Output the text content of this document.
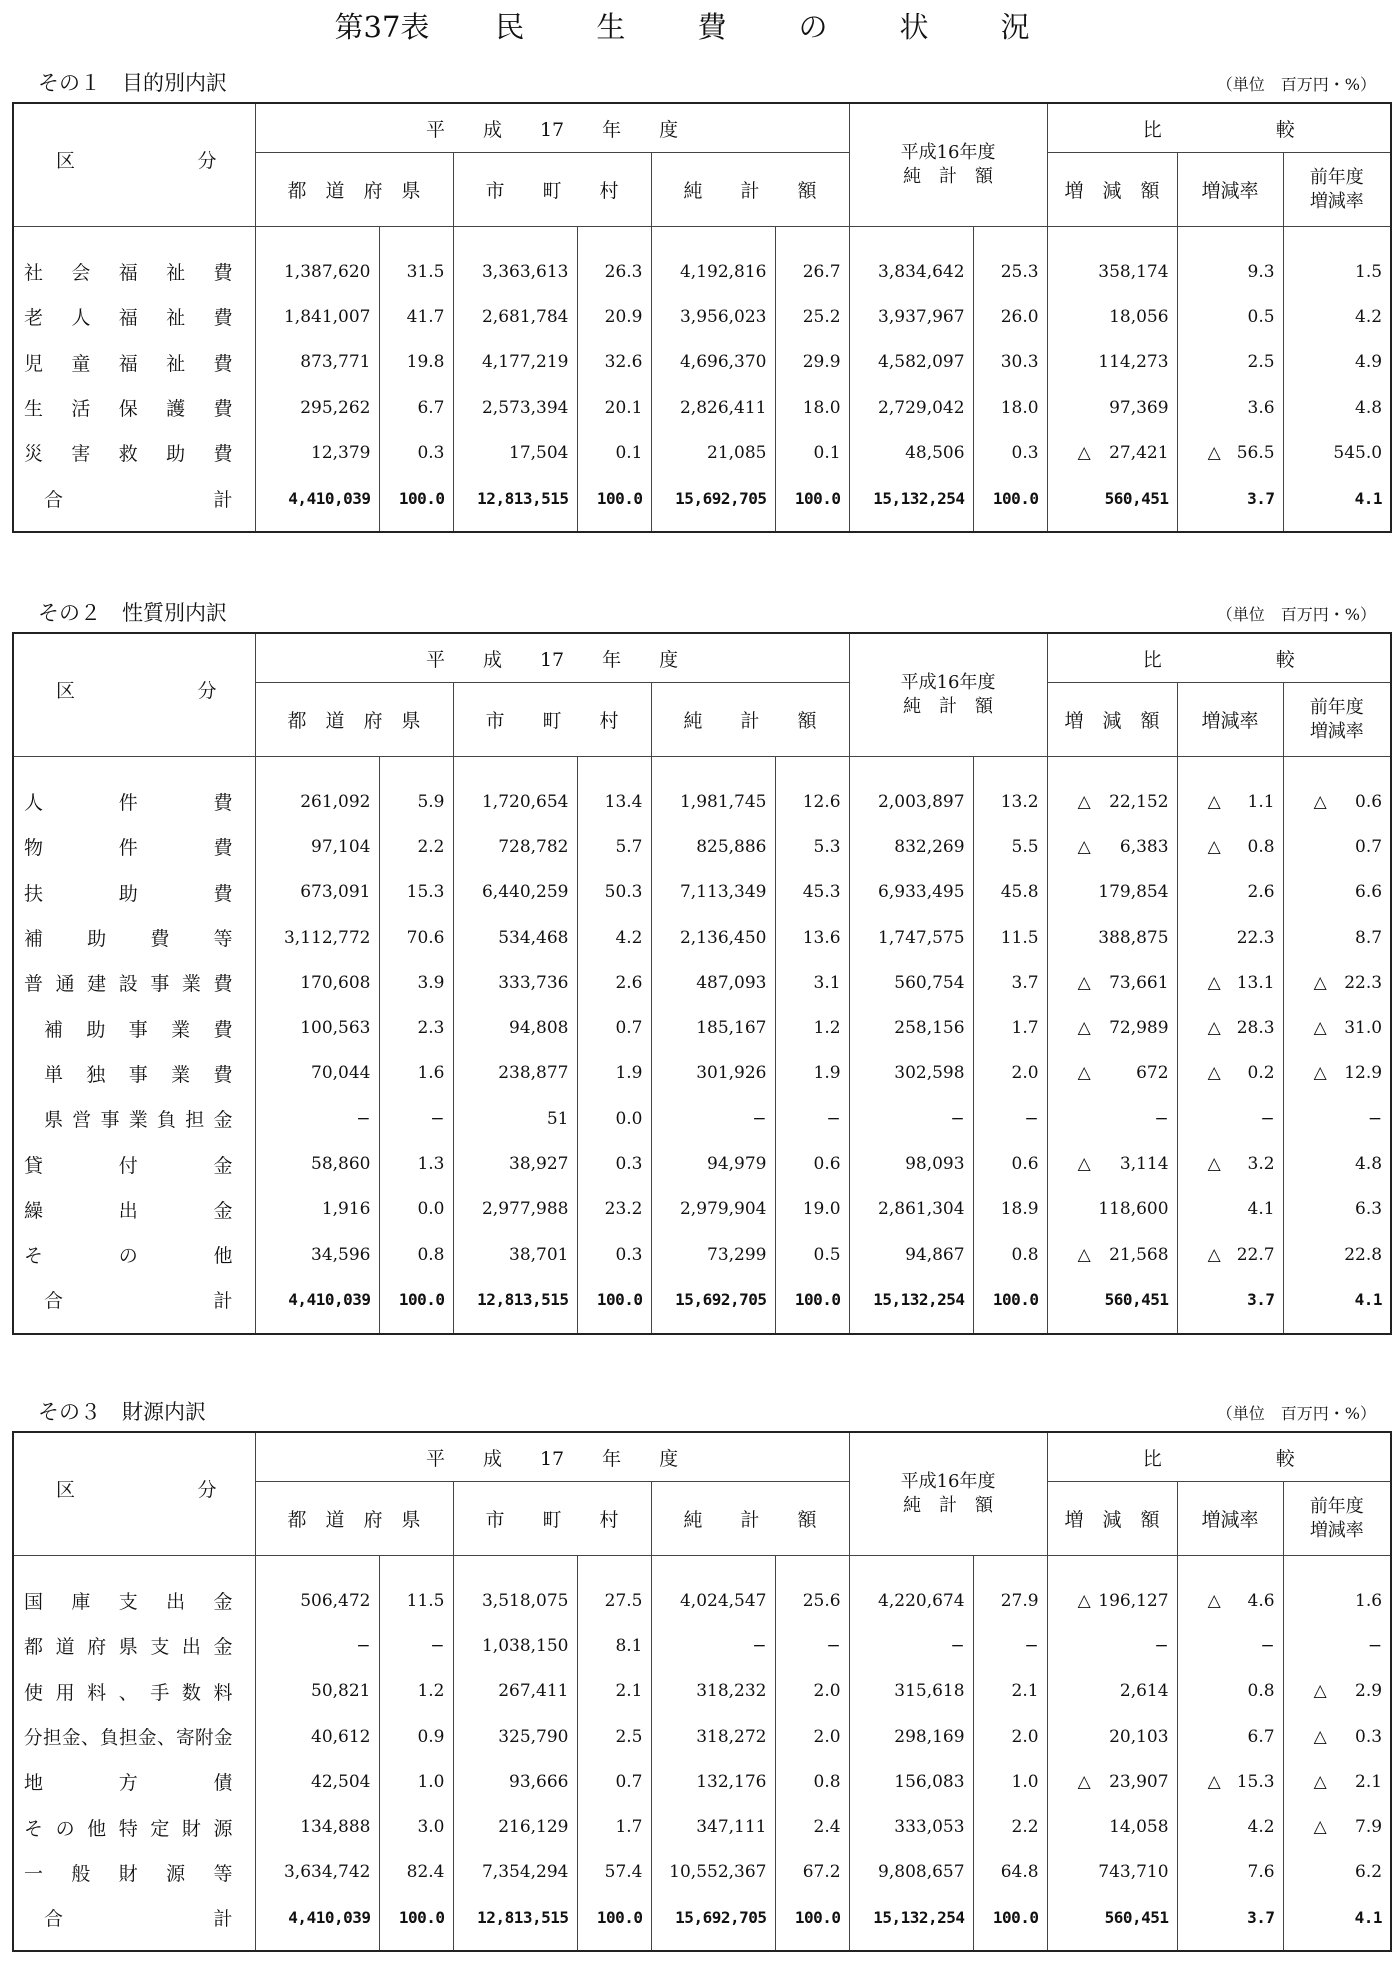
第37表 民 生 費 の 状 況
その１　目的別内訳	（単位　百万円・%）
区 分	平　　成　　17　　年　　度						平成16年度
純　計　額		比　　　　　　較		
	都　道　府　県		市　　町　　村		純　　計　　額				増　減　額	増減率	前年度
増減率
社会福祉費	1,387,620	31.5	3,363,613	26.3	4,192,816	26.7	3,834,642	25.3	358,174	9.3	1.5
老人福祉費	1,841,007	41.7	2,681,784	20.9	3,956,023	25.2	3,937,967	26.0	18,056	0.5	4.2
児童福祉費	873,771	19.8	4,177,219	32.6	4,696,370	29.9	4,582,097	30.3	114,273	2.5	4.9
生活保護費	295,262	6.7	2,573,394	20.1	2,826,411	18.0	2,729,042	18.0	97,369	3.6	4.8
災害救助費	12,379	0.3	17,504	0.1	21,085	0.1	48,506	0.3	△ 27,421	△ 56.5	545.0
合計	4,410,039	100.0	12,813,515	100.0	15,692,705	100.0	15,132,254	100.0	560,451	3.7	4.1
その２　性質別内訳	（単位　百万円・%）
区 分	平　　成　　17　　年　　度						平成16年度
純　計　額		比　　　　　　較		
	都　道　府　県		市　　町　　村		純　　計　　額				増　減　額	増減率	前年度
増減率
人件費	261,092	5.9	1,720,654	13.4	1,981,745	12.6	2,003,897	13.2	△ 22,152	△ 1.1	△ 0.6
物件費	97,104	2.2	728,782	5.7	825,886	5.3	832,269	5.5	△ 6,383	△ 0.8	0.7
扶助費	673,091	15.3	6,440,259	50.3	7,113,349	45.3	6,933,495	45.8	179,854	2.6	6.6
補助費等	3,112,772	70.6	534,468	4.2	2,136,450	13.6	1,747,575	11.5	388,875	22.3	8.7
普通建設事業費	170,608	3.9	333,736	2.6	487,093	3.1	560,754	3.7	△ 73,661	△ 13.1	△ 22.3
補助事業費	100,563	2.3	94,808	0.7	185,167	1.2	258,156	1.7	△ 72,989	△ 28.3	△ 31.0
単独事業費	70,044	1.6	238,877	1.9	301,926	1.9	302,598	2.0	△ 672	△ 0.2	△ 12.9
県営事業負担金	−	−	51	0.0	−	−	−	−	−	−	−
貸付金	58,860	1.3	38,927	0.3	94,979	0.6	98,093	0.6	△ 3,114	△ 3.2	4.8
繰出金	1,916	0.0	2,977,988	23.2	2,979,904	19.0	2,861,304	18.9	118,600	4.1	6.3
その他	34,596	0.8	38,701	0.3	73,299	0.5	94,867	0.8	△ 21,568	△ 22.7	22.8
合計	4,410,039	100.0	12,813,515	100.0	15,692,705	100.0	15,132,254	100.0	560,451	3.7	4.1
その３　財源内訳	（単位　百万円・%）
区 分	平　　成　　17　　年　　度						平成16年度
純　計　額		比　　　　　　較		
	都　道　府　県		市　　町　　村		純　　計　　額				増　減　額	増減率	前年度
増減率
国庫支出金	506,472	11.5	3,518,075	27.5	4,024,547	25.6	4,220,674	27.9	△ 196,127	△ 4.6	1.6
都道府県支出金	−	−	1,038,150	8.1	−	−	−	−	−	−	−
使用料、手数料	50,821	1.2	267,411	2.1	318,232	2.0	315,618	2.1	2,614	0.8	△ 2.9
分担金、負担金、寄附金	40,612	0.9	325,790	2.5	318,272	2.0	298,169	2.0	20,103	6.7	△ 0.3
地方債	42,504	1.0	93,666	0.7	132,176	0.8	156,083	1.0	△ 23,907	△ 15.3	△ 2.1
その他特定財源	134,888	3.0	216,129	1.7	347,111	2.4	333,053	2.2	14,058	4.2	△ 7.9
一般財源等	3,634,742	82.4	7,354,294	57.4	10,552,367	67.2	9,808,657	64.8	743,710	7.6	6.2
合計	4,410,039	100.0	12,813,515	100.0	15,692,705	100.0	15,132,254	100.0	560,451	3.7	4.1
